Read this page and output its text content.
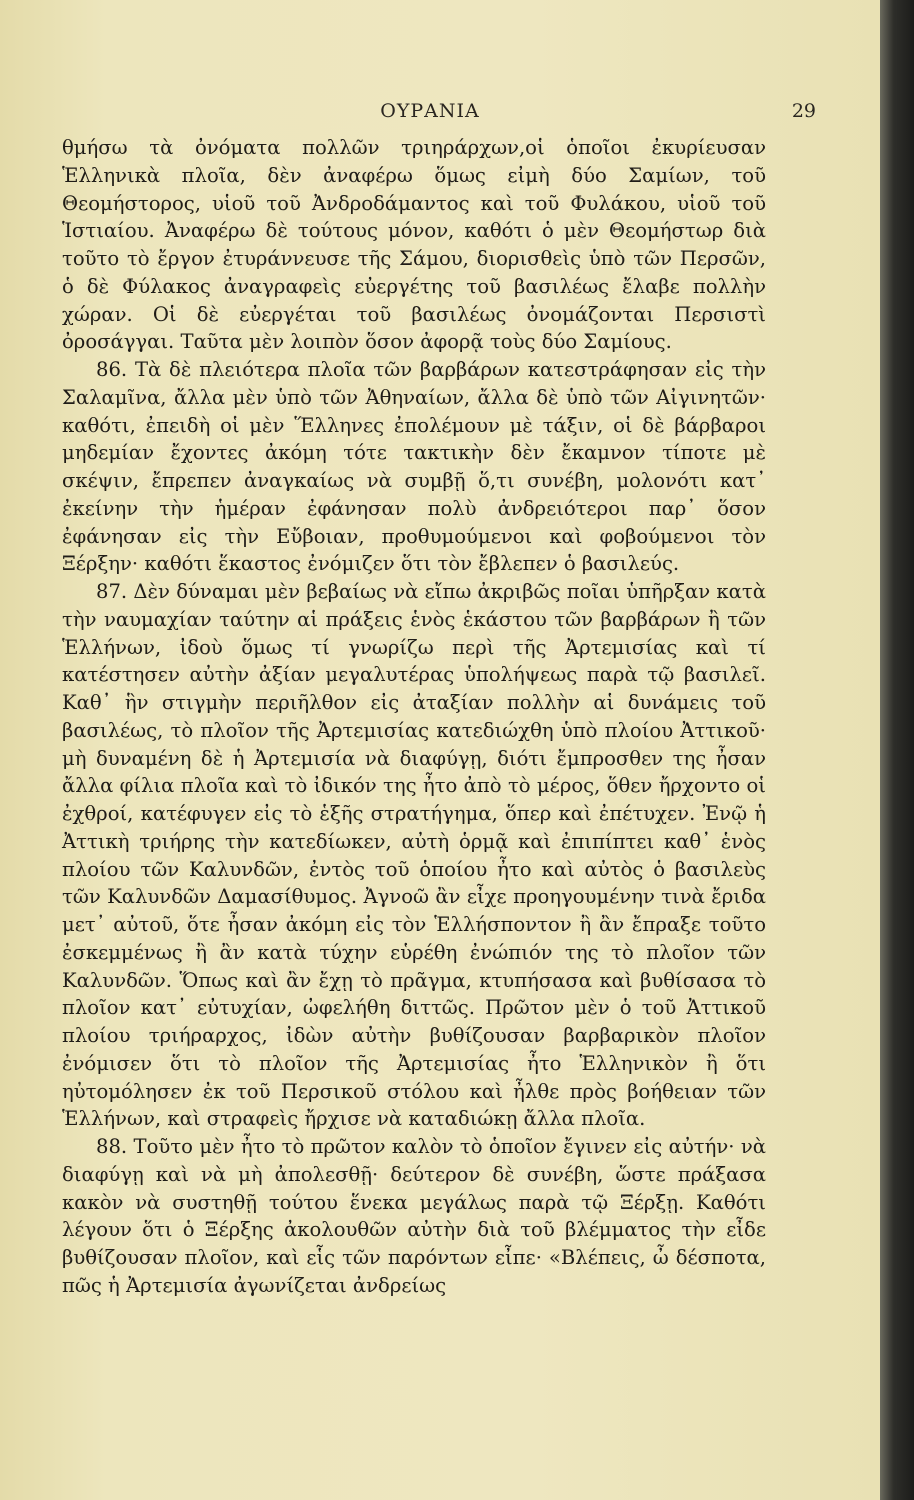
ΟΥΡΑΝΙΑ	29

θμήσω τὰ ὀνόματα πολλῶν τριηράρχων,οἱ ὁποῖοι ἐκυρίευσαν Ἑλληνικὰ πλοῖα, δὲν ἀναφέρω ὅμως εἰμὴ δύο Σαμίων, τοῦ Θεομήστορος, υἱοῦ τοῦ Ἀνδροδάμαντος καὶ τοῦ Φυλάκου, υἱοῦ τοῦ Ἱστιαίου. Ἀναφέρω δὲ τούτους μόνον, καθότι ὁ μὲν Θεομήστωρ διὰ τοῦτο τὸ ἔργον ἐτυράννευσε τῆς Σάμου, διορισθεὶς ὑπὸ τῶν Περσῶν, ὁ δὲ Φύλακος ἀναγραφεὶς εὐεργέτης τοῦ βασιλέως ἔλαβε πολλὴν χώραν. Οἱ δὲ εὐεργέται τοῦ βασιλέως ὀνομάζονται Περσιστὶ ὀροσάγγαι. Ταῦτα μὲν λοιπὸν ὅσον ἀφορᾷ τοὺς δύο Σαμίους.

86. Τὰ δὲ πλειότερα πλοῖα τῶν βαρβάρων κατεστράφησαν εἰς τὴν Σαλαμῖνα, ἄλλα μὲν ὑπὸ τῶν Ἀθηναίων, ἄλλα δὲ ὑπὸ τῶν Αἰγινητῶν· καθότι, ἐπειδὴ οἱ μὲν Ἕλληνες ἐπολέμουν μὲ τάξιν, οἱ δὲ βάρβαροι μηδεμίαν ἔχοντες ἀκόμη τότε τακτικὴν δὲν ἔκαμνον τίποτε μὲ σκέψιν, ἔπρεπεν ἀναγκαίως νὰ συμβῇ ὅ,τι συνέβη, μολονότι κατ᾽ ἐκείνην τὴν ἡμέραν ἐφάνησαν πολὺ ἀνδρειότεροι παρ᾽ ὅσον ἐφάνησαν εἰς τὴν Εὔβοιαν, προθυμούμενοι καὶ φοβούμενοι τὸν Ξέρξην· καθότι ἕκαστος ἐνόμιζεν ὅτι τὸν ἔβλεπεν ὁ βασιλεύς.

87. Δὲν δύναμαι μὲν βεβαίως νὰ εἴπω ἀκριβῶς ποῖαι ὑπῆρξαν κατὰ τὴν ναυμαχίαν ταύτην αἱ πράξεις ἑνὸς ἑκάστου τῶν βαρβάρων ἢ τῶν Ἑλλήνων, ἰδοὺ ὅμως τί γνωρίζω περὶ τῆς Ἀρτεμισίας καὶ τί κατέστησεν αὐτὴν ἀξίαν μεγαλυτέρας ὑπολήψεως παρὰ τῷ βασιλεῖ. Καθ᾽ ἣν στιγμὴν περιῆλθον εἰς ἀταξίαν πολλὴν αἱ δυνάμεις τοῦ βασιλέως, τὸ πλοῖον τῆς Ἀρτεμισίας κατεδιώχθη ὑπὸ πλοίου Ἀττικοῦ· μὴ δυναμένη δὲ ἡ Ἀρτεμισία νὰ διαφύγῃ, διότι ἔμπροσθεν της ἦσαν ἄλλα φίλια πλοῖα καὶ τὸ ἰδικόν της ἦτο ἀπὸ τὸ μέρος, ὅθεν ἤρχοντο οἱ ἐχθροί, κατέφυγεν εἰς τὸ ἑξῆς στρατήγημα, ὅπερ καὶ ἐπέτυχεν. Ἐνῷ ἡ Ἀττικὴ τριήρης τὴν κατεδίωκεν, αὐτὴ ὁρμᾷ καὶ ἐπιπίπτει καθ᾽ ἑνὸς πλοίου τῶν Καλυνδῶν, ἐντὸς τοῦ ὁποίου ἦτο καὶ αὐτὸς ὁ βασιλεὺς τῶν Καλυνδῶν Δαμασίθυμος. Ἀγνοῶ ἂν εἶχε προηγουμένην τινὰ ἔριδα μετ᾽ αὐτοῦ, ὅτε ἦσαν ἀκόμη εἰς τὸν Ἑλλήσποντον ἢ ἂν ἔπραξε τοῦτο ἐσκεμμένως ἢ ἂν κατὰ τύχην εὑρέθη ἐνώπιόν της τὸ πλοῖον τῶν Καλυνδῶν. Ὅπως καὶ ἂν ἔχῃ τὸ πρᾶγμα, κτυπήσασα καὶ βυθίσασα τὸ πλοῖον κατ᾽ εὐτυχίαν, ὠφελήθη διττῶς. Πρῶτον μὲν ὁ τοῦ Ἀττικοῦ πλοίου τριήραρχος, ἰδὼν αὐτὴν βυθίζουσαν βαρβαρικὸν πλοῖον ἐνόμισεν ὅτι τὸ πλοῖον τῆς Ἀρτεμισίας ἦτο Ἑλληνικὸν ἢ ὅτι ηὐτομόλησεν ἐκ τοῦ Περσικοῦ στόλου καὶ ἦλθε πρὸς βοήθειαν τῶν Ἑλλήνων, καὶ στραφεὶς ἤρχισε νὰ καταδιώκῃ ἄλλα πλοῖα.

88. Τοῦτο μὲν ἦτο τὸ πρῶτον καλὸν τὸ ὁποῖον ἔγινεν εἰς αὐτήν· νὰ διαφύγῃ καὶ νὰ μὴ ἀπολεσθῇ· δεύτερον δὲ συνέβη, ὥστε πράξασα κακὸν νὰ συστηθῇ τούτου ἕνεκα μεγάλως παρὰ τῷ Ξέρξῃ. Καθότι λέγουν ὅτι ὁ Ξέρξης ἀκολουθῶν αὐτὴν διὰ τοῦ βλέμματος τὴν εἶδε βυθίζουσαν πλοῖον, καὶ εἷς τῶν παρόντων εἶπε· «Βλέπεις, ὦ δέσποτα, πῶς ἡ Ἀρτεμισία ἀγωνίζεται ἀνδρείως
